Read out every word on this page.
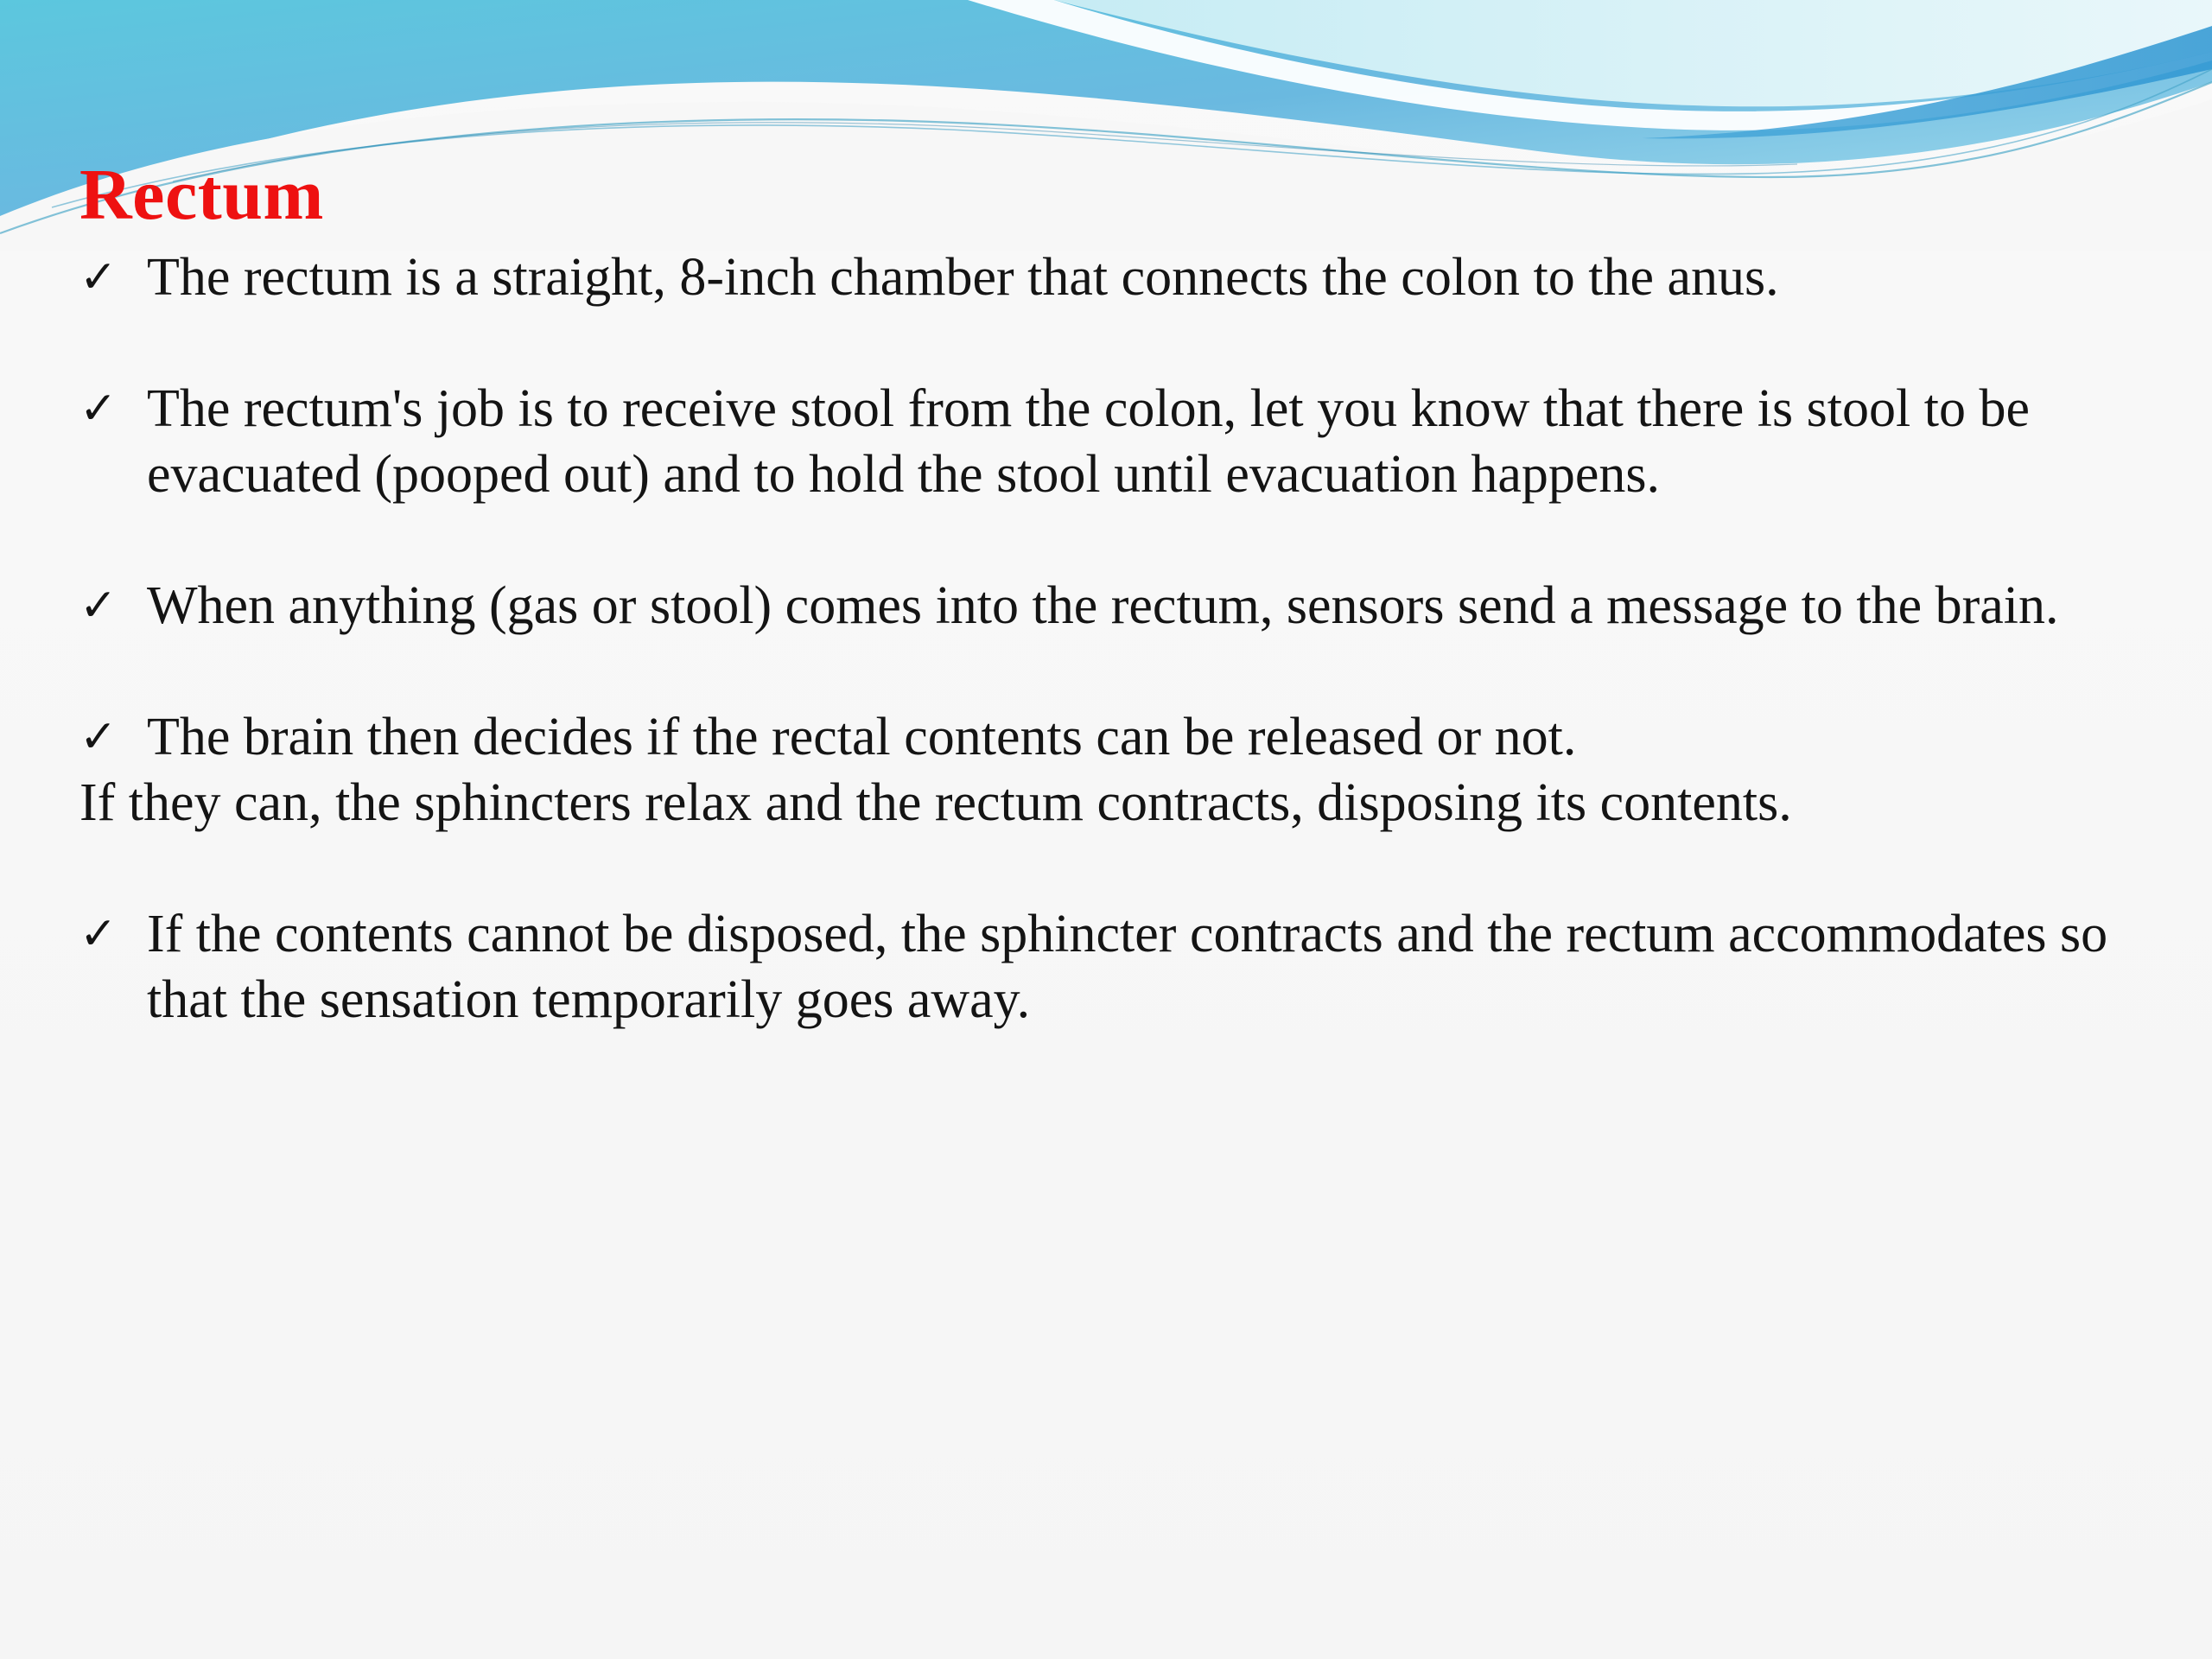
Rectum
✓ The rectum is a straight, 8-inch chamber that connects the colon to the anus.
✓ The rectum's job is to receive stool from the colon, let you know that there is stool to be evacuated (pooped out) and to hold the stool until evacuation happens.
✓ When anything (gas or stool) comes into the rectum, sensors send a message to the brain.
✓ The brain then decides if the rectal contents can be released or not.
If they can, the sphincters relax and the rectum contracts, disposing its contents.
✓ If the contents cannot be disposed, the sphincter contracts and the rectum accommodates so that the sensation temporarily goes away.
